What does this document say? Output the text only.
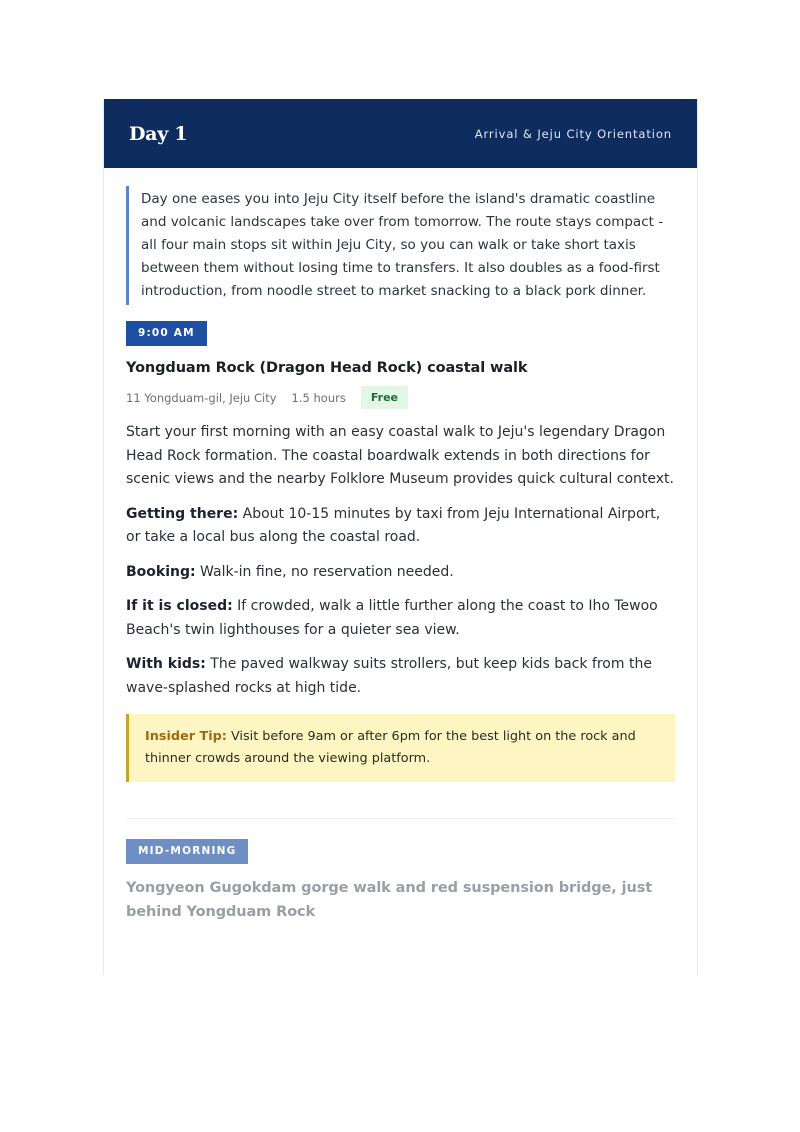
Day 1	Arrival & Jeju City Orientation
Day one eases you into Jeju City itself before the island's dramatic coastline and volcanic landscapes take over from tomorrow. The route stays compact - all four main stops sit within Jeju City, so you can walk or take short taxis between them without losing time to transfers. It also doubles as a food-first introduction, from noodle street to market snacking to a black pork dinner.
9:00 AM
Yongduam Rock (Dragon Head Rock) coastal walk
11 Yongduam-gil, Jeju City 1.5 hours	Free
Start your first morning with an easy coastal walk to Jeju's legendary Dragon Head Rock formation. The coastal boardwalk extends in both directions for scenic views and the nearby Folklore Museum provides quick cultural context.
Getting there: About 10-15 minutes by taxi from Jeju International Airport, or take a local bus along the coastal road.
Booking: Walk-in fine, no reservation needed.
If it is closed: If crowded, walk a little further along the coast to Iho Tewoo Beach's twin lighthouses for a quieter sea view.
With kids: The paved walkway suits strollers, but keep kids back from the wave-splashed rocks at high tide.
Insider Tip: Visit before 9am or after 6pm for the best light on the rock and thinner crowds around the viewing platform.
MID-MORNING
Yongyeon Gugokdam gorge walk and red suspension bridge, just behind Yongduam Rock
